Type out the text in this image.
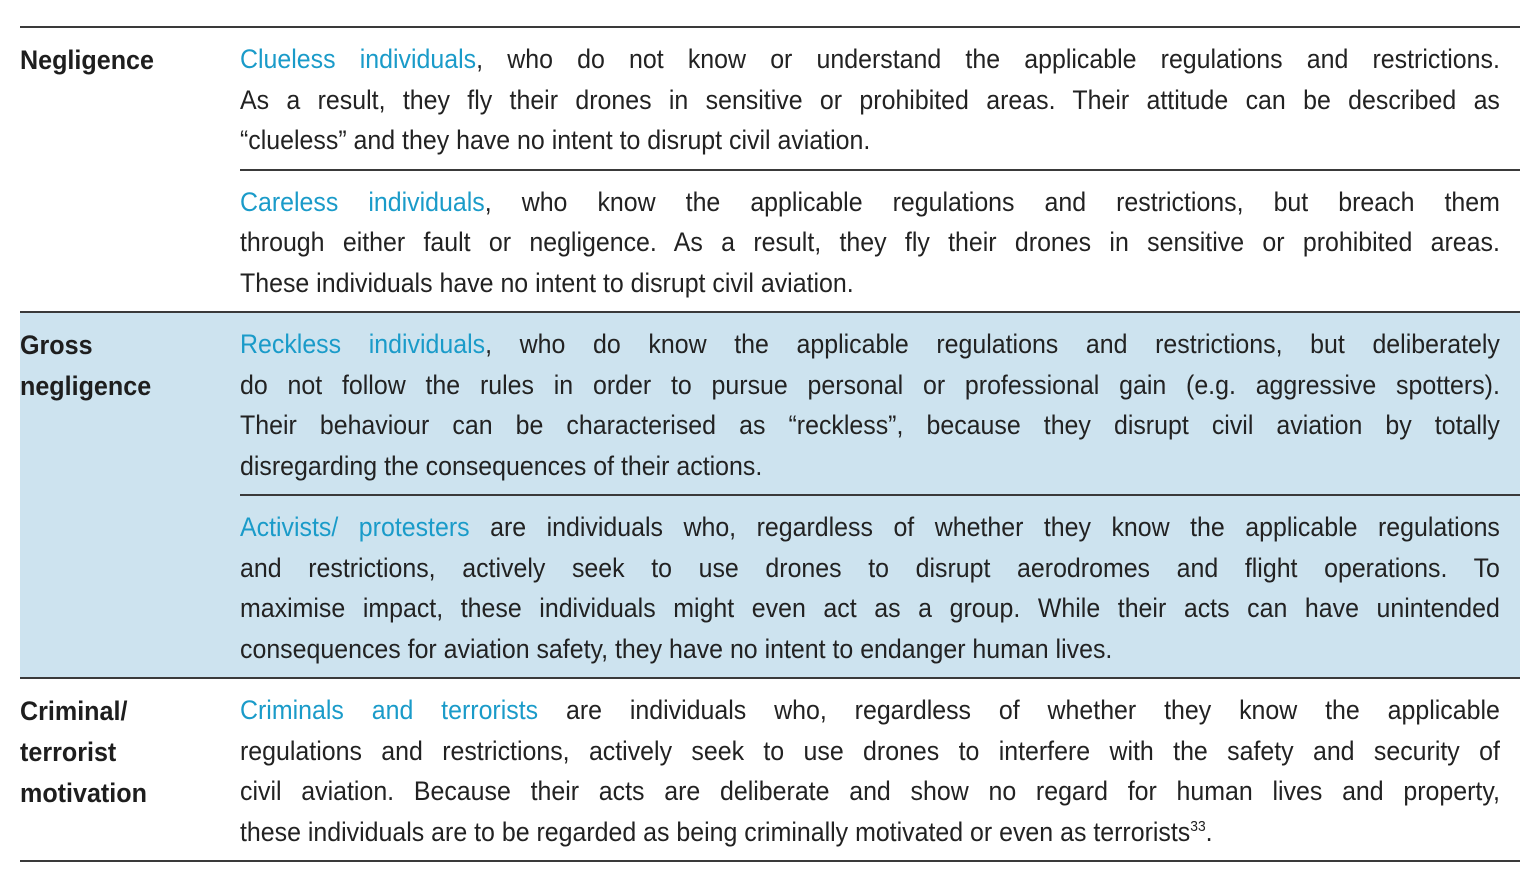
Negligence	Clueless individuals, who do not know or understand the applicable regulations and restrictions.
As a result, they fly their drones in sensitive or prohibited areas. Their attitude can be described as
“clueless” and they have no intent to disrupt civil aviation.
Careless individuals, who know the applicable regulations and restrictions, but breach them
through either fault or negligence. As a result, they fly their drones in sensitive or prohibited areas.
These individuals have no intent to disrupt civil aviation.
Gross
negligence
Reckless individuals, who do know the applicable regulations and restrictions, but deliberately
do not follow the rules in order to pursue personal or professional gain (e.g. aggressive spotters).
Their behaviour can be characterised as “reckless”, because they disrupt civil aviation by totally
disregarding the consequences of their actions.
Activists/ protesters are individuals who, regardless of whether they know the applicable regulations
and restrictions, actively seek to use drones to disrupt aerodromes and flight operations. To
maximise impact, these individuals might even act as a group. While their acts can have unintended
consequences for aviation safety, they have no intent to endanger human lives.
Criminal/
terrorist
motivation
Criminals and terrorists are individuals who, regardless of whether they know the applicable
regulations and restrictions, actively seek to use drones to interfere with the safety and security of
civil aviation. Because their acts are deliberate and show no regard for human lives and property,
these individuals are to be regarded as being criminally motivated or even as terrorists$^{33}$.
